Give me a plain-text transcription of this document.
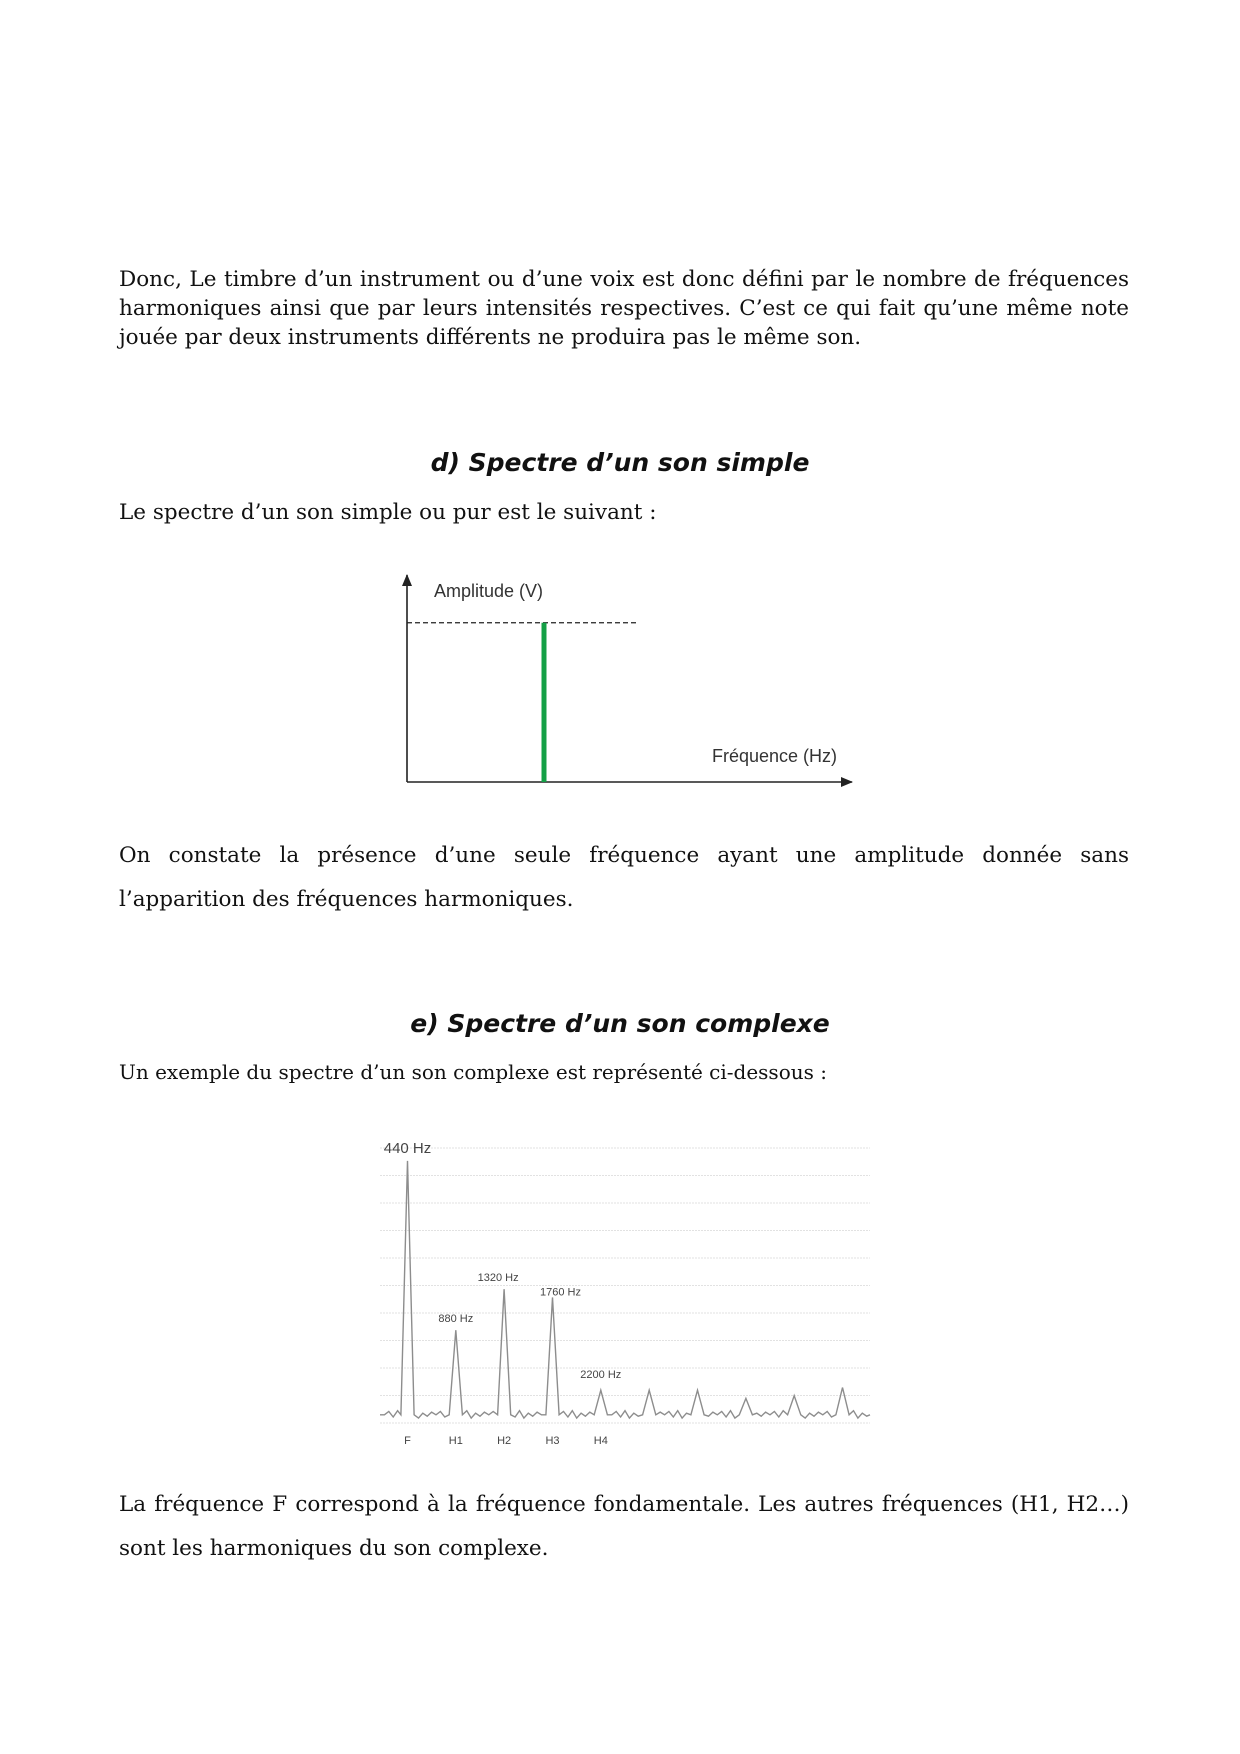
Donc, Le timbre d’un instrument ou d’une voix est donc défini par le nombre de fréquences harmoniques ainsi que par leurs intensités respectives. C’est ce qui fait qu’une même note jouée par deux instruments différents ne produira pas le même son.

d) Spectre d’un son simple

Le spectre d’un son simple ou pur est le suivant :

Amplitude (V)
Fréquence (Hz)

On constate la présence d’une seule fréquence ayant une amplitude donnée sans l’apparition des fréquences harmoniques.

e) Spectre d’un son complexe

Un exemple du spectre d’un son complexe est représenté ci-dessous :

440 Hz
880 Hz
1320 Hz
1760 Hz
2200 Hz
F	H1	H2	H3	H4

La fréquence F correspond à la fréquence fondamentale. Les autres fréquences (H1, H2…) sont les harmoniques du son complexe.
